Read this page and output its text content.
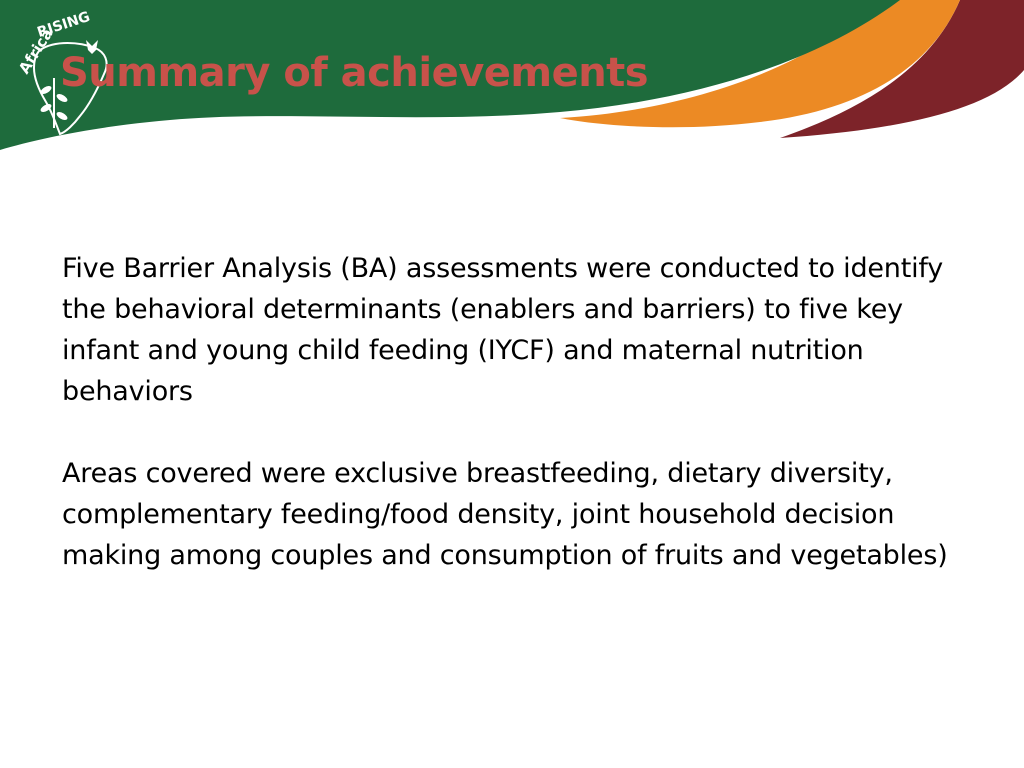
Africa
RISING
Summary of achievements

Five Barrier Analysis (BA) assessments were conducted to identify the behavioral determinants (enablers and barriers) to five key infant and young child feeding (IYCF) and maternal nutrition behaviors

Areas covered were exclusive breastfeeding, dietary diversity, complementary feeding/food density, joint household decision making among couples and consumption of fruits and vegetables)
